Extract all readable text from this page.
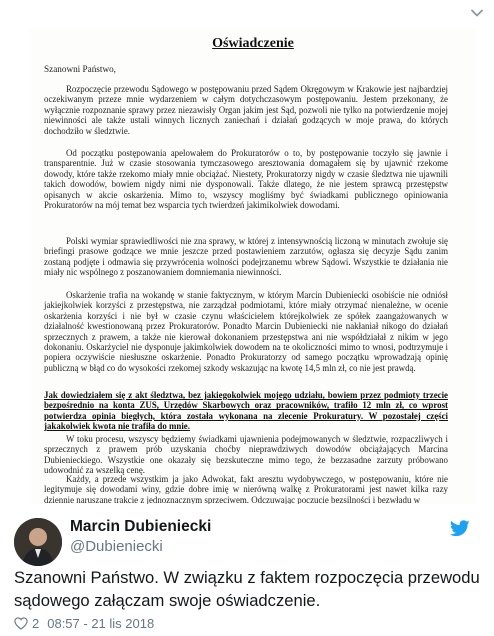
Oświadczenie
Szanowni Państwo,
Rozpoczęcie przewodu Sądowego w postępowaniu przed Sądem Okręgowym w Krakowie jest najbardziej oczekiwanym przeze mnie wydarzeniem w całym dotychczasowym postępowaniu. Jestem przekonany, że wyłącznie rozpoznanie sprawy przez niezawisły Organ jakim jest Sąd, pozwoli nie tylko na potwierdzenie mojej niewinności ale także ustali winnych licznych zaniechań i działań godzących w moje prawa, do których dochodziło w śledztwie.
Od początku postępowania apelowałem do Prokuratorów o to, by postępowanie toczyło się jawnie i transparentnie. Już w czasie stosowania tymczasowego aresztowania domagałem się by ujawnić rzekome dowody, które także rzekomo miały mnie obciążać. Niestety, Prokuratorzy nigdy w czasie śledztwa nie ujawnili takich dowodów, bowiem nigdy nimi nie dysponowali. Także dlatego, że nie jestem sprawcą przestępstw opisanych w akcie oskarżenia. Mimo to, wszyscy mogliśmy być świadkami publicznego opiniowania Prokuratorów na mój temat bez wsparcia tych twierdzeń jakimikolwiek dowodami.
Polski wymiar sprawiedliwości nie zna sprawy, w której z intensywnością liczoną w minutach zwołuje się briefingi prasowe godzące we mnie jeszcze przed postawieniem zarzutów, ogłasza się decyzje Sądu zanim zostaną podjęte i odmawia się przywrócenia wolności podejrzanemu wbrew Sądowi. Wszystkie te działania nie miały nic wspólnego z poszanowaniem domniemania niewinności.
Oskarżenie trafia na wokandę w stanie faktycznym, w którym Marcin Dubieniecki osobiście nie odniósł jakiejkolwiek korzyści z przestępstwa, nie zarządzał podmiotami, które miały otrzymać nienależne, w ocenie oskarżenia korzyści i nie był w czasie czynu właścicielem którejkolwiek ze spółek zaangażowanych w działalność kwestionowaną przez Prokuratorów. Ponadto Marcin Dubieniecki nie nakłaniał nikogo do działań sprzecznych z prawem, a także nie kierował dokonaniem przestępstwa ani nie współdziałał z nikim w jego dokonaniu. Oskarżyciel nie dysponuje jakimkolwiek dowodem na te okoliczności mimo to wnosi, podtrzymuje i popiera oczywiście niesłuszne oskarżenie. Ponadto Prokuratorzy od samego początku wprowadzają opinię publiczną w błąd co do wysokości rzekomej szkody wskazując na kwotę 14,5 mln zł, co nie jest prawdą.
Jak dowiedziałem się z akt śledztwa, bez jakiegokolwiek mojego udziału, bowiem przez podmioty trzecie bezpośrednio na konta ZUS, Urzędów Skarbowych oraz pracowników, trafiło 12 mln zł, co wprost potwierdza opinia biegłych, która została wykonana na zlecenie Prokuratury. W pozostałej części jakakolwiek kwota nie trafiła do mnie.
W toku procesu, wszyscy będziemy świadkami ujawnienia podejmowanych w śledztwie, rozpaczliwych i sprzecznych z prawem prób uzyskania choćby nieprawdziwych dowodów obciążających Marcina Dubienieckiego. Wszystkie one okazały się bezskuteczne mimo tego, że bezzasadne zarzuty próbowano udowodnić za wszelką cenę.
Każdy, a przede wszystkim ja jako Adwokat, fakt aresztu wydobywczego, w postępowaniu, które nie legitymuje się dowodami winy, gdzie dobre imię w nierówną walkę z Prokuratorami jest nawet kilka razy dziennie naruszane trakcie z jednoznacznym sprzeciwem. Odczuwając poczucie bezsilności i bezwładu w
Marcin Dubieniecki
@Dubieniecki
Szanowni Państwo. W związku z faktem rozpoczęcia przewodu sądowego załączam swoje oświadczenie.
2 08:57 - 21 lis 2018
